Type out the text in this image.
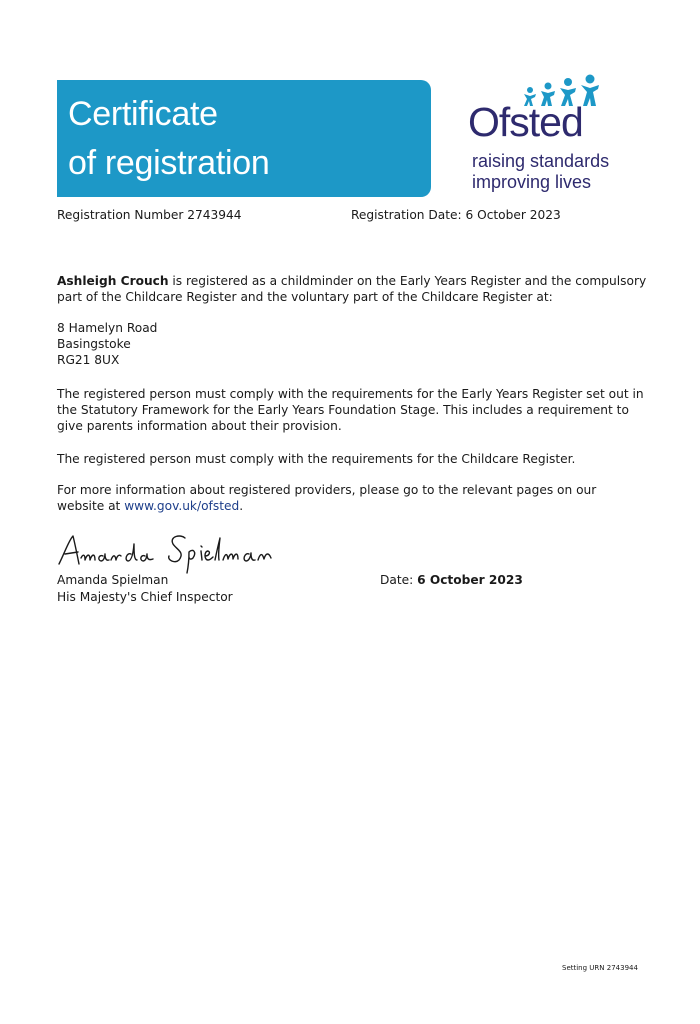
Certificate
of registration
Ofsted
raising standards
improving lives
Registration Number 2743944	Registration Date: 6 October 2023
Ashleigh Crouch is registered as a childminder on the Early Years Register and the compulsory part of the Childcare Register and the voluntary part of the Childcare Register at:
8 Hamelyn Road
Basingstoke
RG21 8UX
The registered person must comply with the requirements for the Early Years Register set out in the Statutory Framework for the Early Years Foundation Stage. This includes a requirement to give parents information about their provision.
The registered person must comply with the requirements for the Childcare Register.
For more information about registered providers, please go to the relevant pages on our website at www.gov.uk/ofsted.
Amanda Spielman
His Majesty's Chief Inspector
Date: 6 October 2023
Setting URN 2743944
